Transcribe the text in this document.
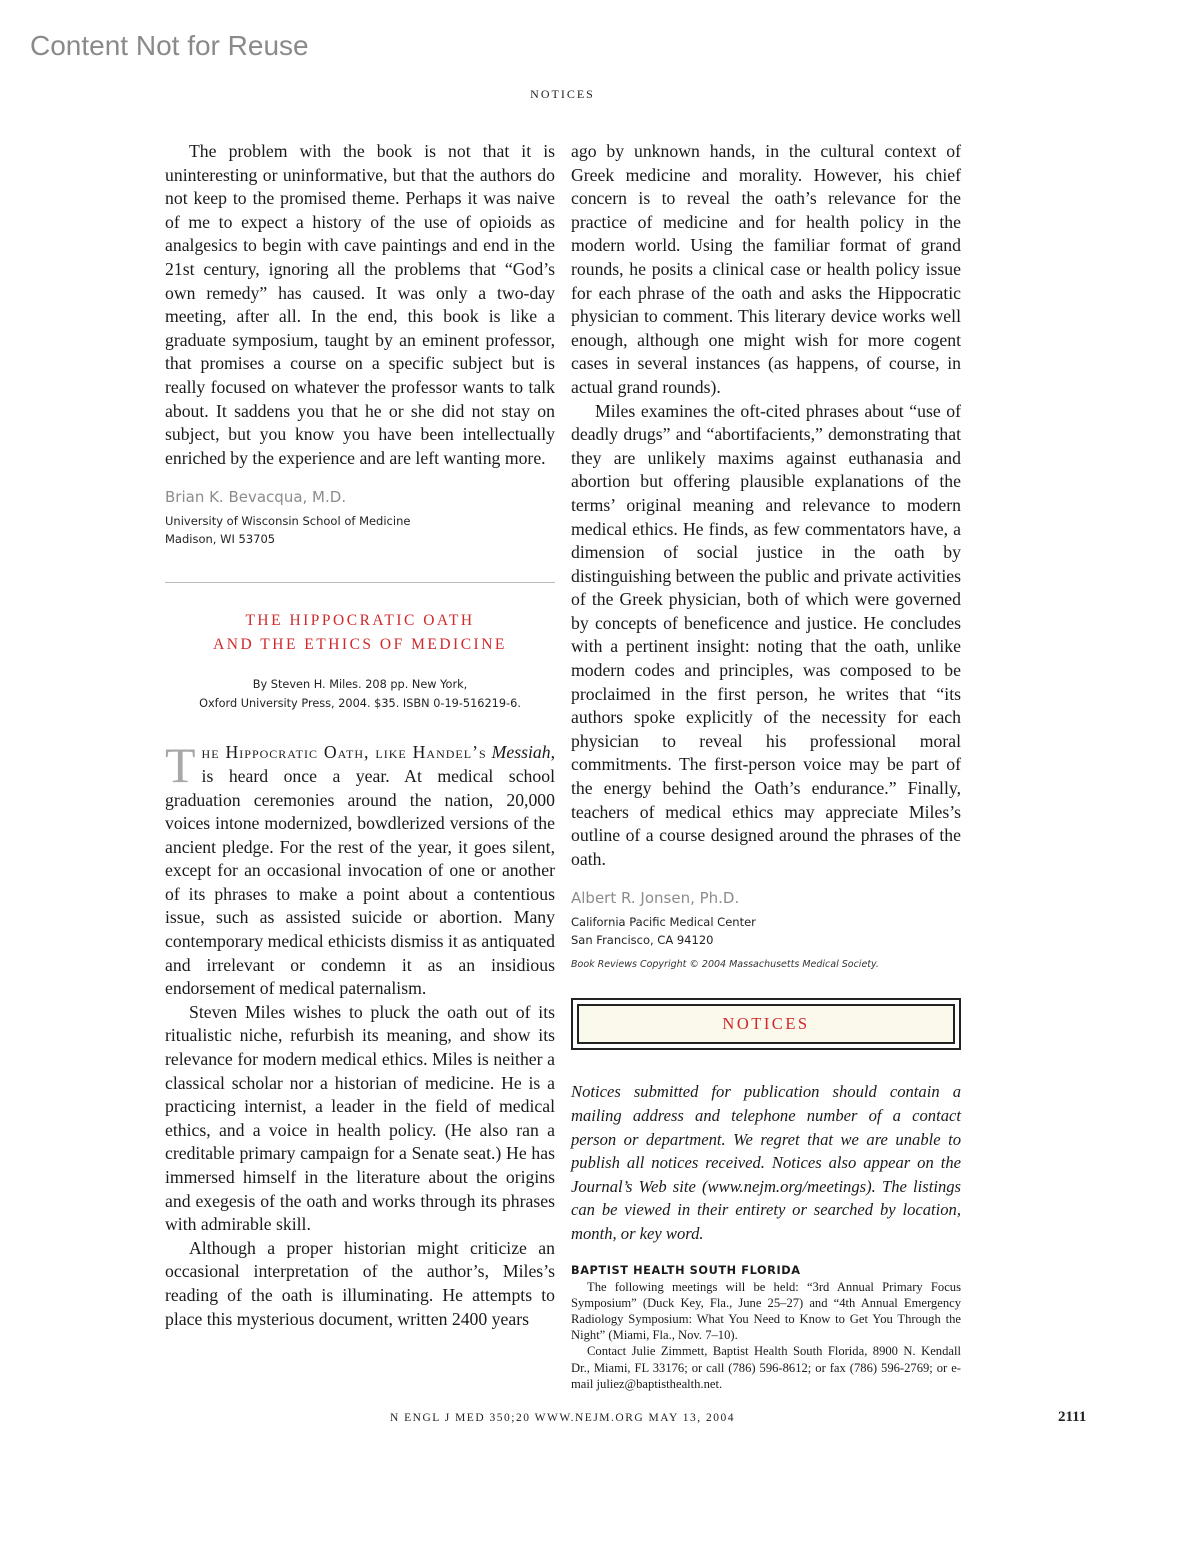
Content Not for Reuse
NOTICES

The problem with the book is not that it is uninteresting or uninformative, but that the authors do not keep to the promised theme. Perhaps it was naive of me to expect a history of the use of opioids as analgesics to begin with cave paintings and end in the 21st century, ignoring all the problems that “God’s own remedy” has caused. It was only a two-day meeting, after all. In the end, this book is like a graduate symposium, taught by an eminent professor, that promises a course on a specific subject but is really focused on whatever the professor wants to talk about. It saddens you that he or she did not stay on subject, but you know you have been intellectually enriched by the experience and are left wanting more.

Brian K. Bevacqua, M.D.
University of Wisconsin School of Medicine
Madison, WI 53705
THE HIPPOCRATIC OATH
AND THE ETHICS OF MEDICINE
By Steven H. Miles. 208 pp. New York,
Oxford University Press, 2004. $35. ISBN 0-19-516219-6.

The Hippocratic Oath, like Handel’s Messiah, is heard once a year. At medical school graduation ceremonies around the nation, 20,000 voices intone modernized, bowdlerized versions of the ancient pledge. For the rest of the year, it goes silent, except for an occasional invocation of one or another of its phrases to make a point about a contentious issue, such as assisted suicide or abortion. Many contemporary medical ethicists dismiss it as antiquated and irrelevant or condemn it as an insidious endorsement of medical paternalism.

Steven Miles wishes to pluck the oath out of its ritualistic niche, refurbish its meaning, and show its relevance for modern medical ethics. Miles is neither a classical scholar nor a historian of medicine. He is a practicing internist, a leader in the field of medical ethics, and a voice in health policy. (He also ran a creditable primary campaign for a Senate seat.) He has immersed himself in the literature about the origins and exegesis of the oath and works through its phrases with admirable skill.

Although a proper historian might criticize an occasional interpretation of the author’s, Miles’s reading of the oath is illuminating. He attempts to place this mysterious document, written 2400 years

ago by unknown hands, in the cultural context of Greek medicine and morality. However, his chief concern is to reveal the oath’s relevance for the practice of medicine and for health policy in the modern world. Using the familiar format of grand rounds, he posits a clinical case or health policy issue for each phrase of the oath and asks the Hippocratic physician to comment. This literary device works well enough, although one might wish for more cogent cases in several instances (as happens, of course, in actual grand rounds).

Miles examines the oft-cited phrases about “use of deadly drugs” and “abortifacients,” demonstrating that they are unlikely maxims against euthanasia and abortion but offering plausible explanations of the terms’ original meaning and relevance to modern medical ethics. He finds, as few commentators have, a dimension of social justice in the oath by distinguishing between the public and private activities of the Greek physician, both of which were governed by concepts of beneficence and justice. He concludes with a pertinent insight: noting that the oath, unlike modern codes and principles, was composed to be proclaimed in the first person, he writes that “its authors spoke explicitly of the necessity for each physician to reveal his professional moral commitments. The first-person voice may be part of the energy behind the Oath’s endurance.” Finally, teachers of medical ethics may appreciate Miles’s outline of a course designed around the phrases of the oath.

Albert R. Jonsen, Ph.D.
California Pacific Medical Center
San Francisco, CA 94120
Book Reviews Copyright © 2004 Massachusetts Medical Society.
NOTICES
Notices submitted for publication should contain a mailing address and telephone number of a contact person or department. We regret that we are unable to publish all notices received. Notices also appear on the Journal’s Web site (www.nejm.org/meetings). The listings can be viewed in their entirety or searched by location, month, or key word.
BAPTIST HEALTH SOUTH FLORIDA

The following meetings will be held: “3rd Annual Primary Focus Symposium” (Duck Key, Fla., June 25–27) and “4th Annual Emergency Radiology Symposium: What You Need to Know to Get You Through the Night” (Miami, Fla., Nov. 7–10).

Contact Julie Zimmett, Baptist Health South Florida, 8900 N. Kendall Dr., Miami, FL 33176; or call (786) 596-8612; or fax (786) 596-2769; or e-mail juliez@baptisthealth.net.

N ENGL J MED 350;20 WWW.NEJM.ORG MAY 13, 2004	2111
